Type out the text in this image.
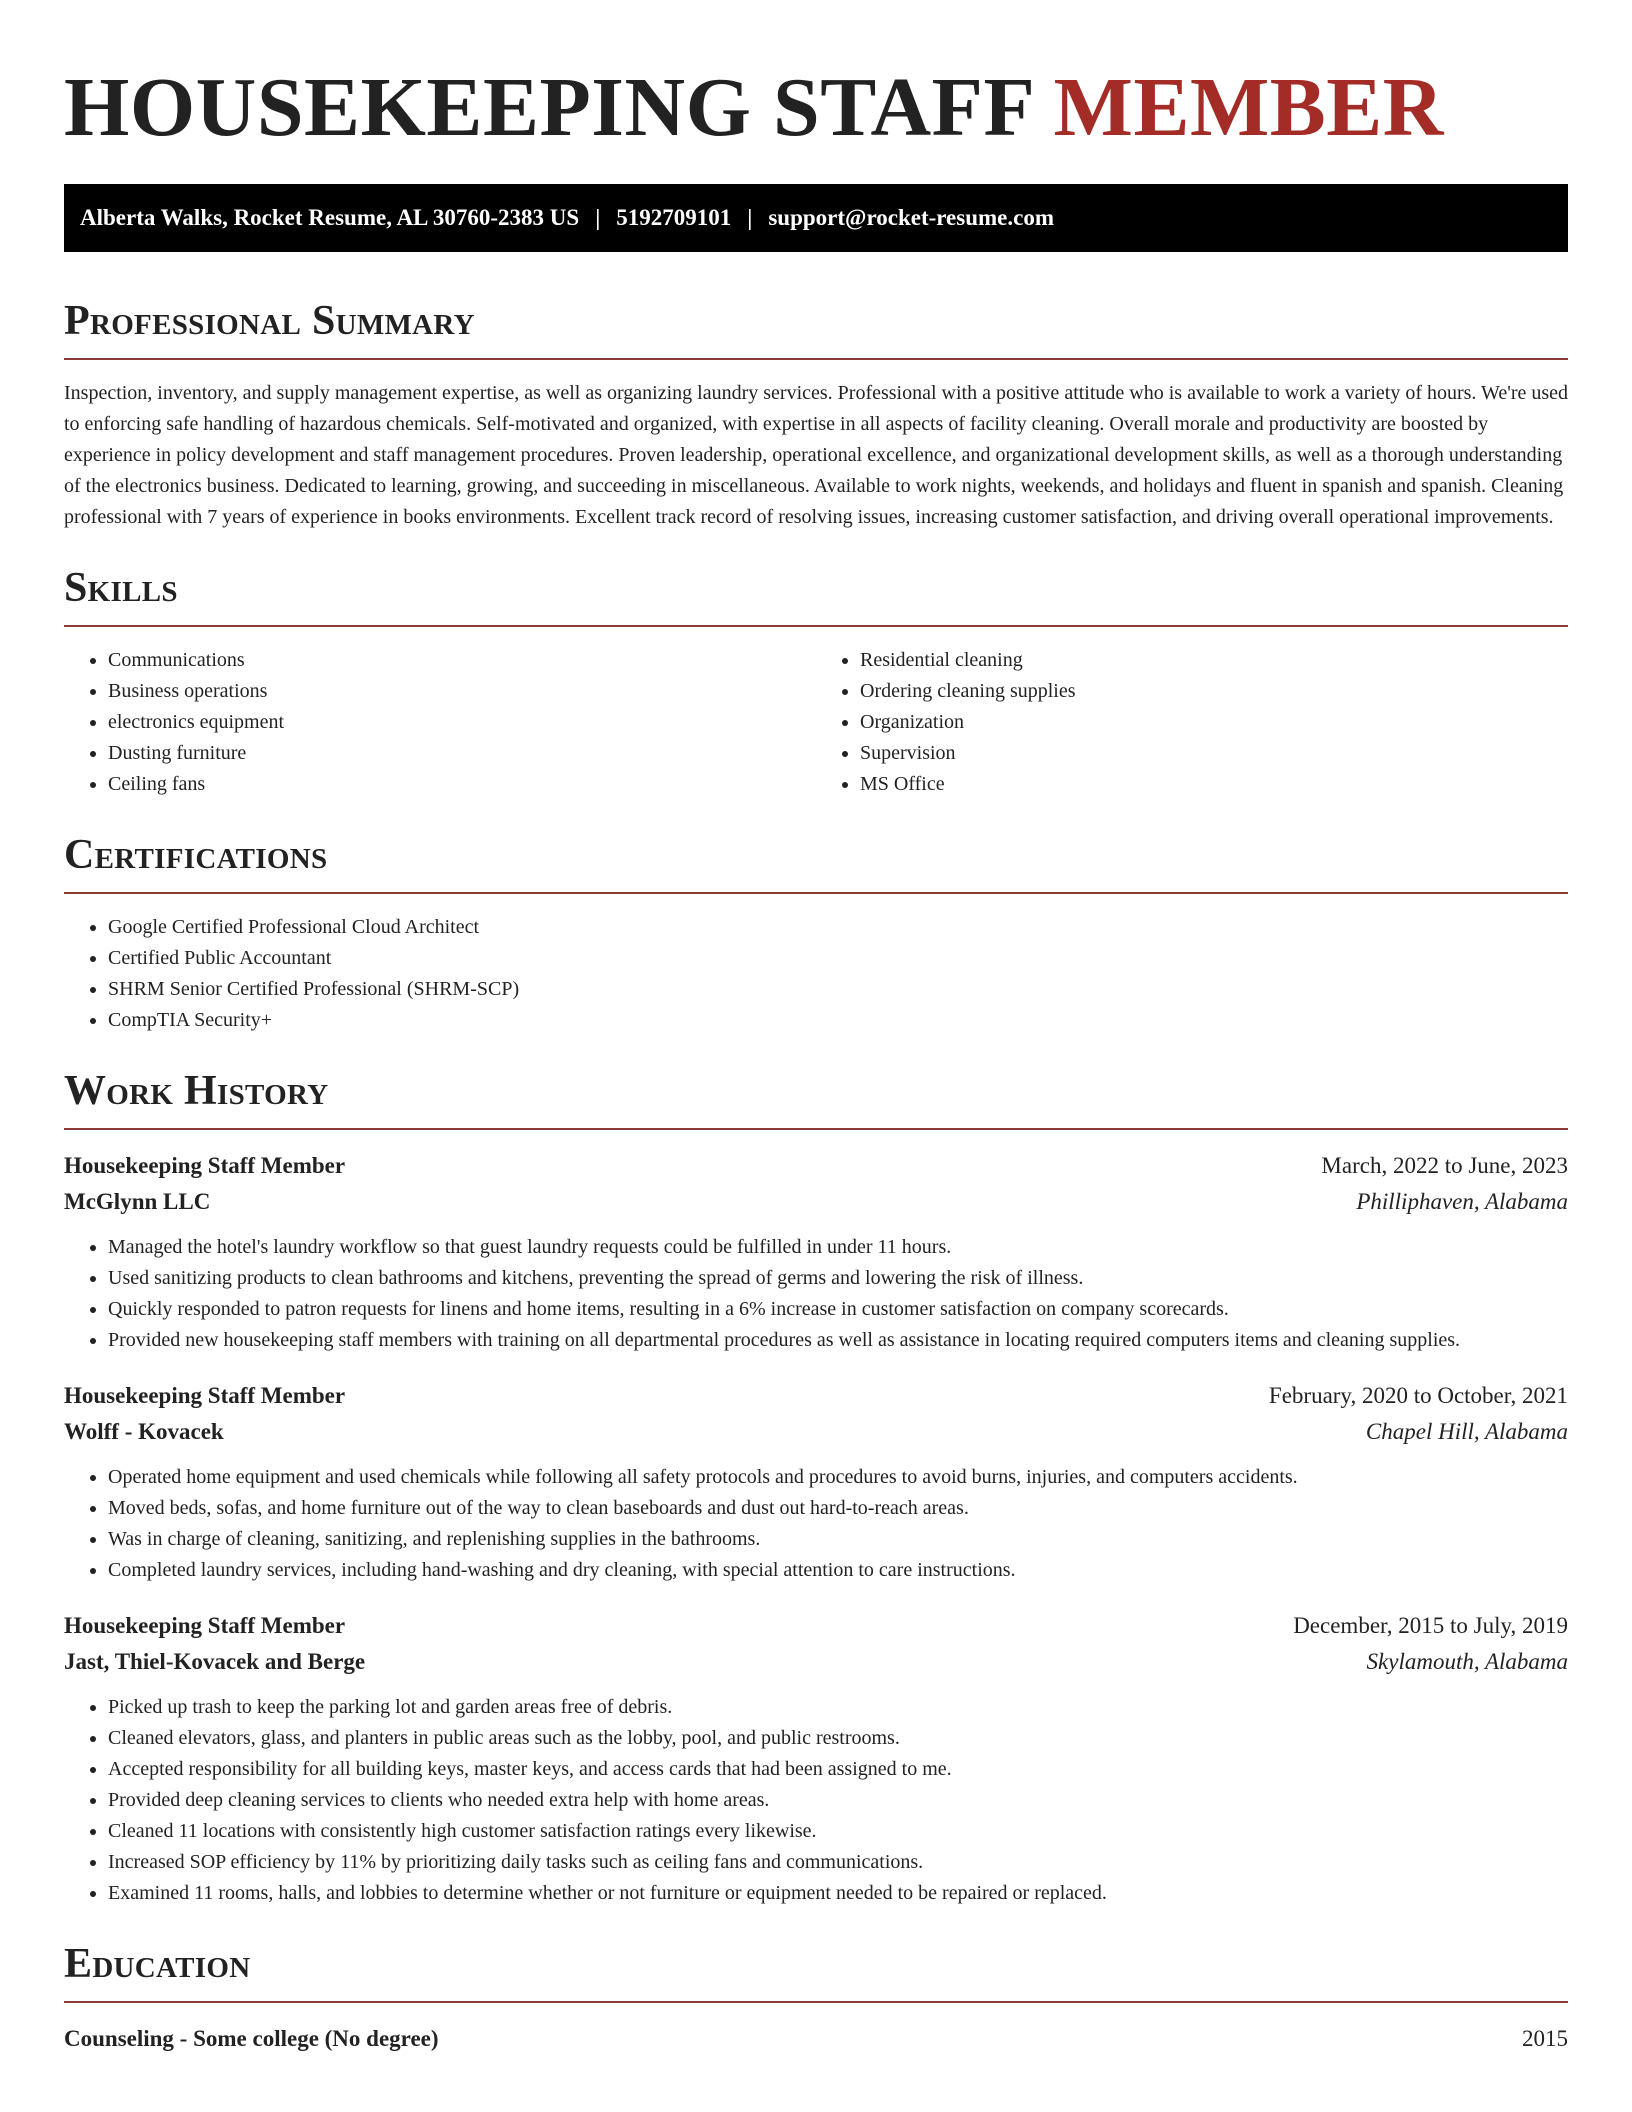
HOUSEKEEPING STAFF MEMBER
Alberta Walks, Rocket Resume, AL 30760-2383 US | 5192709101 | support@rocket-resume.com
Professional Summary

Inspection, inventory, and supply management expertise, as well as organizing laundry services. Professional with a positive attitude who is available to work a variety of hours. We're used to enforcing safe handling of hazardous chemicals. Self-motivated and organized, with expertise in all aspects of facility cleaning. Overall morale and productivity are boosted by experience in policy development and staff management procedures. Proven leadership, operational excellence, and organizational development skills, as well as a thorough understanding of the electronics business. Dedicated to learning, growing, and succeeding in miscellaneous. Available to work nights, weekends, and holidays and fluent in spanish and spanish. Cleaning professional with 7 years of experience in books environments. Excellent track record of resolving issues, increasing customer satisfaction, and driving overall operational improvements.

Skills
• Communications
• Business operations
• electronics equipment
• Dusting furniture
• Ceiling fans
• Residential cleaning
• Ordering cleaning supplies
• Organization
• Supervision
• MS Office
Certifications
• Google Certified Professional Cloud Architect
• Certified Public Accountant
• SHRM Senior Certified Professional (SHRM-SCP)
• CompTIA Security+
Work History
Housekeeping Staff Member	March, 2022 to June, 2023
McGlynn LLC	Philliphaven, Alabama
• Managed the hotel's laundry workflow so that guest laundry requests could be fulfilled in under 11 hours.
• Used sanitizing products to clean bathrooms and kitchens, preventing the spread of germs and lowering the risk of illness.
• Quickly responded to patron requests for linens and home items, resulting in a 6% increase in customer satisfaction on company scorecards.
• Provided new housekeeping staff members with training on all departmental procedures as well as assistance in locating required computers items and cleaning supplies.
Housekeeping Staff Member	February, 2020 to October, 2021
Wolff - Kovacek	Chapel Hill, Alabama
• Operated home equipment and used chemicals while following all safety protocols and procedures to avoid burns, injuries, and computers accidents.
• Moved beds, sofas, and home furniture out of the way to clean baseboards and dust out hard-to-reach areas.
• Was in charge of cleaning, sanitizing, and replenishing supplies in the bathrooms.
• Completed laundry services, including hand-washing and dry cleaning, with special attention to care instructions.
Housekeeping Staff Member	December, 2015 to July, 2019
Jast, Thiel-Kovacek and Berge	Skylamouth, Alabama
• Picked up trash to keep the parking lot and garden areas free of debris.
• Cleaned elevators, glass, and planters in public areas such as the lobby, pool, and public restrooms.
• Accepted responsibility for all building keys, master keys, and access cards that had been assigned to me.
• Provided deep cleaning services to clients who needed extra help with home areas.
• Cleaned 11 locations with consistently high customer satisfaction ratings every likewise.
• Increased SOP efficiency by 11% by prioritizing daily tasks such as ceiling fans and communications.
• Examined 11 rooms, halls, and lobbies to determine whether or not furniture or equipment needed to be repaired or replaced.
Education
Counseling - Some college (No degree)	2015
